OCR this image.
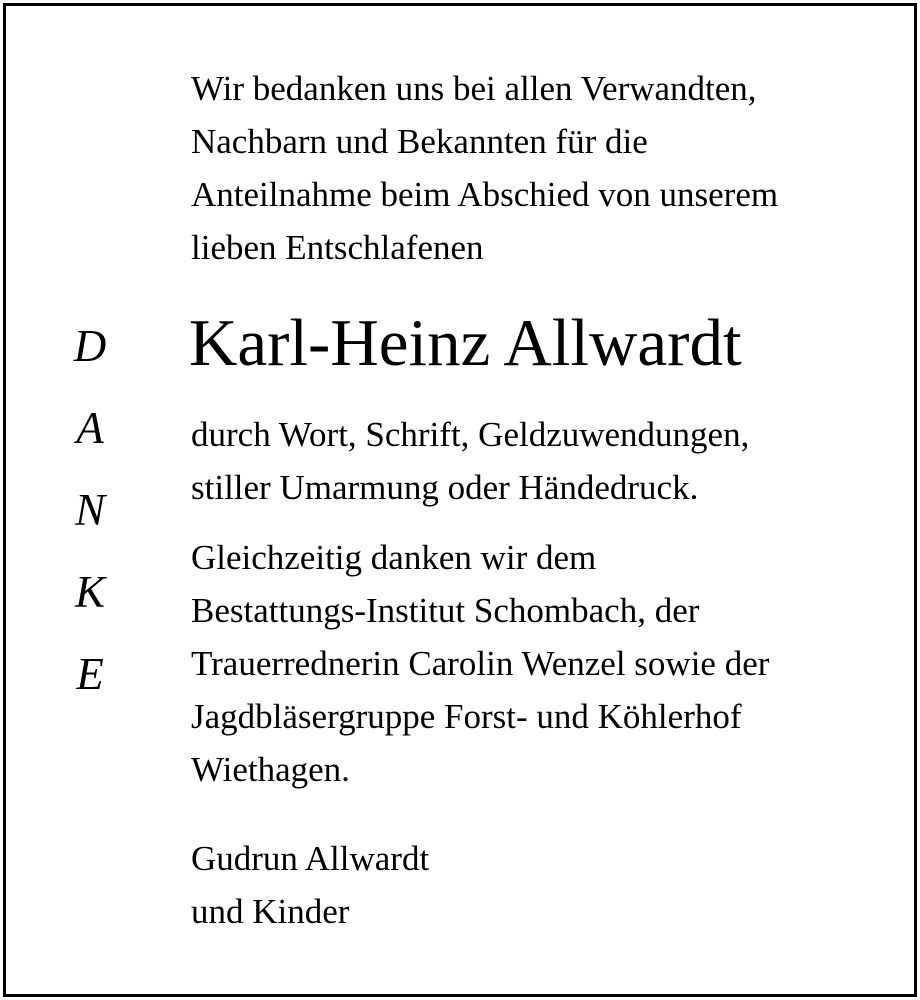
D
A
N
K
E
Wir bedanken uns bei allen Verwandten,
Nachbarn und Bekannten für die
Anteilnahme beim Abschied von unserem
lieben Entschlafenen
Karl-Heinz Allwardt
durch Wort, Schrift, Geldzuwendungen,
stiller Umarmung oder Händedruck.
Gleichzeitig danken wir dem
Bestattungs-Institut Schombach, der
Trauerrednerin Carolin Wenzel sowie der
Jagdbläsergruppe Forst- und Köhlerhof
Wiethagen.
Gudrun Allwardt
und Kinder
